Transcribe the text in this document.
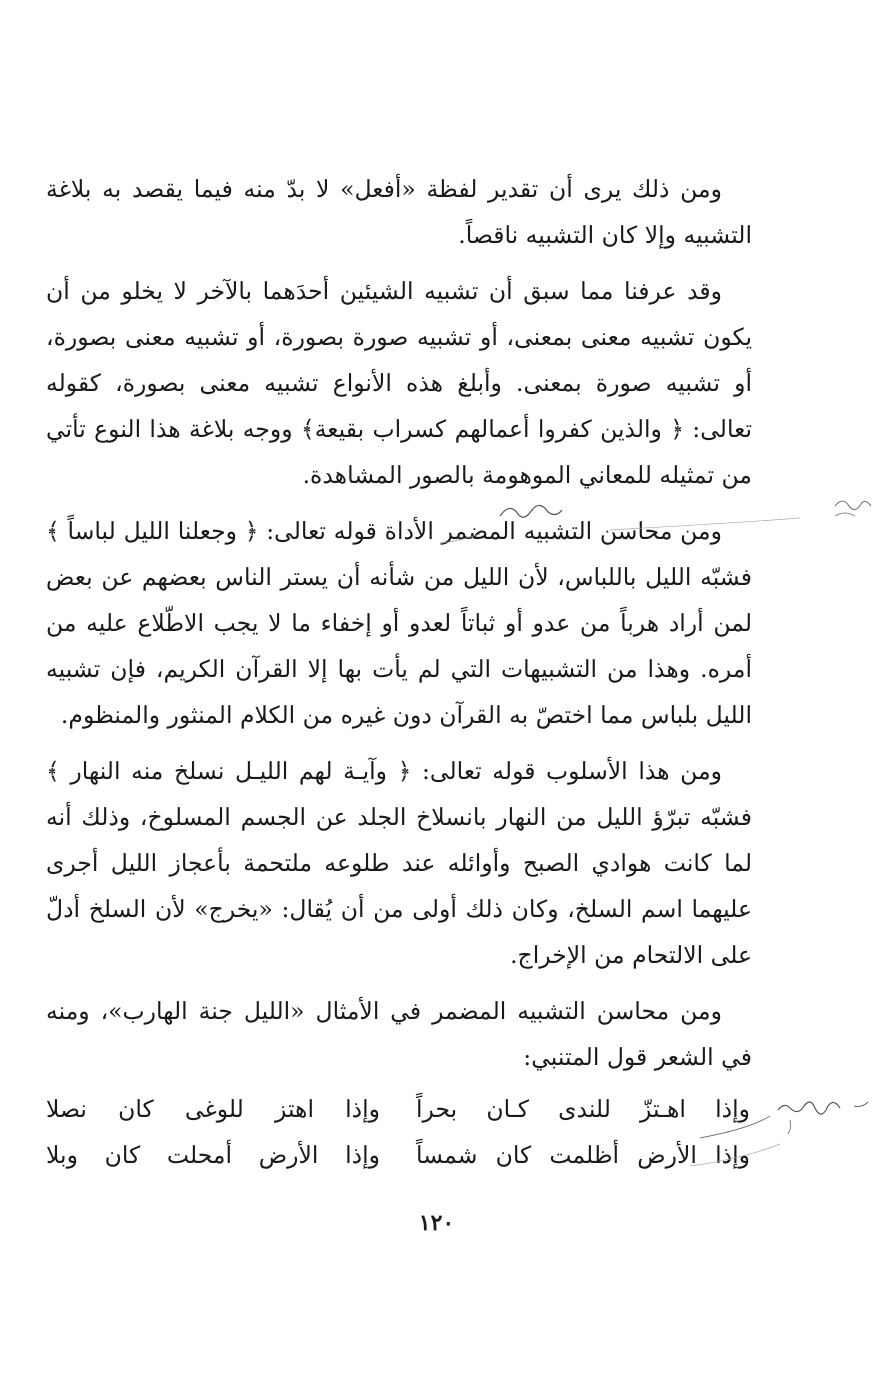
ومن ذلك يرى أن تقدير لفظة «أفعل» لا بدّ منه فيما يقصد به بلاغة التشبيه وإلا كان التشبيه ناقصاً.

وقد عرفنا مما سبق أن تشبيه الشيئين أحدَهما بالآخر لا يخلو من أن يكون تشبيه معنى بمعنى، أو تشبيه صورة بصورة، أو تشبيه معنى بصورة، أو تشبيه صورة بمعنى. وأبلغ هذه الأنواع تشبيه معنى بصورة، كقوله تعالى: ﴿ والذين كفروا أعمالهم كسراب بقيعة﴾ ووجه بلاغة هذا النوع تأتي من تمثيله للمعاني الموهومة بالصور المشاهدة.

ومن محاسن التشبيه المضمر الأداة قوله تعالى: ﴿ وجعلنا الليل لباساً ﴾ فشبّه الليل باللباس، لأن الليل من شأنه أن يستر الناس بعضهم عن بعض لمن أراد هرباً من عدو أو ثباتاً لعدو أو إخفاء ما لا يجب الاطّلاع عليه من أمره. وهذا من التشبيهات التي لم يأت بها إلا القرآن الكريم، فإن تشبيه الليل بلباس مما اختصّ به القرآن دون غيره من الكلام المنثور والمنظوم.

ومن هذا الأسلوب قوله تعالى: ﴿ وآيـة لهم الليـل نسلخ منه النهار ﴾ فشبّه تبرّؤ الليل من النهار بانسلاخ الجلد عن الجسم المسلوخ، وذلك أنه لما كانت هوادي الصبح وأوائله عند طلوعه ملتحمة بأعجاز الليل أجرى عليهما اسم السلخ، وكان ذلك أولى من أن يُقال: «يخرج» لأن السلخ أدلّ على الالتحام من الإخراج.

ومن محاسن التشبيه المضمر في الأمثال «الليل جنة الهارب»، ومنه في الشعر قول المتنبي:

وإذا اهـتزّ للندى كـان بحراً
وإذا اهتز للوغى كان نصلا
وإذا الأرض أظلمت كان شمساً
وإذا الأرض أمحلت كان وبلا
١٢٠
